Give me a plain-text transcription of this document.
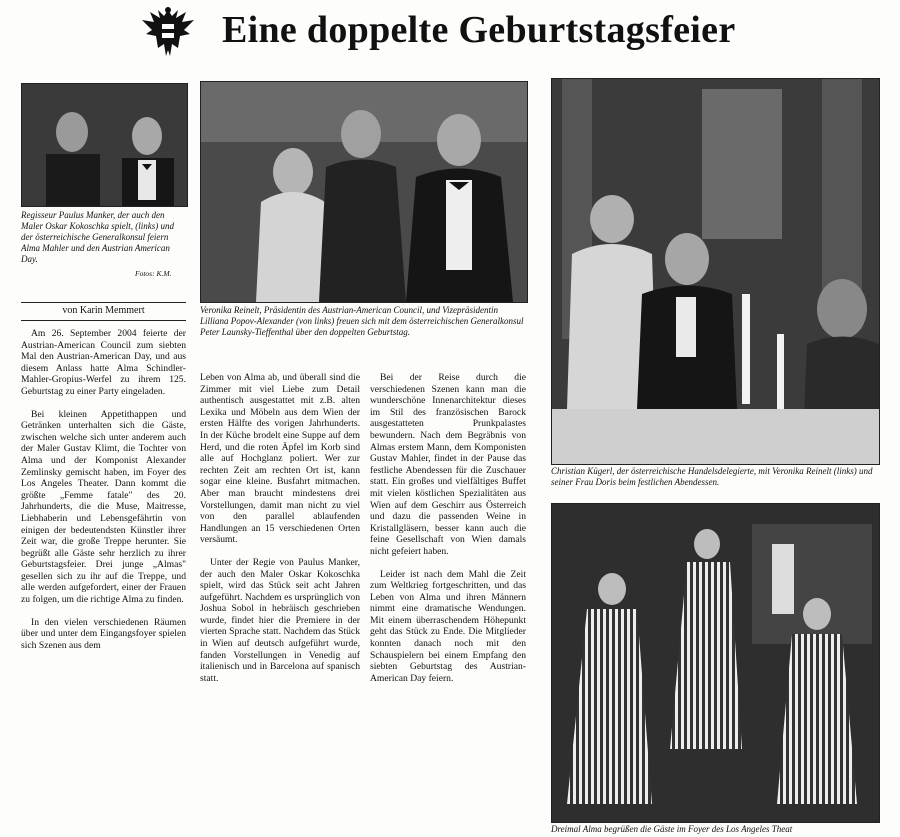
Eine doppelte Geburtstagsfeier
Regisseur Paulus Manker, der auch den Maler Oskar Kokoschka spielt, (links) und der österreichische Generalkonsul feiern Alma Mahler und den Austrian American Day.
Fotos: K.M.
Veronika Reinelt, Präsidentin des Austrian-American Council, und Vizepräsidentin Lilliana Popov-Alexander (von links) freuen sich mit dem österreichischen Generalkonsul Peter Launsky-Tieffenthal über den doppelten Geburtstag.
Christian Kügerl, der österreichische Handelsdelegierte, mit Veronika Reinelt (links) und seiner Frau Doris beim festlichen Abendessen.
Dreimal Alma begrüßen die Gäste im Foyer des Los Angeles Theat
von Karin Memmert

Am 26. September 2004 feierte der Austrian-American Council zum siebten Mal den Austrian-American Day, und aus diesem Anlass hatte Alma Schindler-Mahler-Gropius-Werfel zu ihrem 125. Geburtstag zu einer Party eingeladen.

Bei kleinen Appetithappen und Getränken unterhalten sich die Gäste, zwischen welche sich unter anderem auch der Maler Gustav Klimt, die Tochter von Alma und der Komponist Alexander Zemlinsky gemischt haben, im Foyer des Los Angeles Theater. Dann kommt die größte „Femme fatale" des 20. Jahrhunderts, die die Muse, Maitresse, Liebhaberin und Lebensgefährtin von einigen der bedeutendsten Künstler ihrer Zeit war, die große Treppe herunter. Sie begrüßt alle Gäste sehr herzlich zu ihrer Geburtstagsfeier. Drei junge „Almas" gesellen sich zu ihr auf die Treppe, und alle werden aufgefordert, einer der Frauen zu folgen, um die richtige Alma zu finden.

In den vielen verschiedenen Räumen über und unter dem Eingangsfoyer spielen sich Szenen aus dem

Leben von Alma ab, und überall sind die Zimmer mit viel Liebe zum Detail authentisch ausgestattet mit z.B. alten Lexika und Möbeln aus dem Wien der ersten Hälfte des vorigen Jahrhunderts. In der Küche brodelt eine Suppe auf dem Herd, und die roten Äpfel im Korb sind alle auf Hochglanz poliert. Wer zur rechten Zeit am rechten Ort ist, kann sogar eine kleine. Busfahrt mitmachen. Aber man braucht mindestens drei Vorstellungen, damit man nicht zu viel von den parallel ablaufenden Handlungen an 15 verschiedenen Orten versäumt.

Unter der Regie von Paulus Manker, der auch den Maler Oskar Kokoschka spielt, wird das Stück seit acht Jahren aufgeführt. Nachdem es ursprünglich von Joshua Sobol in hebräisch geschrieben wurde, findet hier die Premiere in der vierten Sprache statt. Nachdem das Stück in Wien auf deutsch aufgeführt wurde, fanden Vorstellungen in Venedig auf italienisch und in Barcelona auf spanisch statt.

Bei der Reise durch die verschiedenen Szenen kann man die wunderschöne Innenarchitektur dieses im Stil des französischen Barock ausgestatteten Prunkpalastes bewundern. Nach dem Begräbnis von Almas erstem Mann, dem Komponisten Gustav Mahler, findet in der Pause das festliche Abendessen für die Zuschauer statt. Ein großes und vielfältiges Buffet mit vielen köstlichen Spezialitäten aus Wien auf dem Geschirr aus Österreich und dazu die passenden Weine in Kristallgläsern, besser kann auch die feine Gesellschaft von Wien damals nicht gefeiert haben.

Leider ist nach dem Mahl die Zeit zum Weltkrieg fortgeschritten, und das Leben von Alma und ihren Männern nimmt eine dramatische Wendungen. Mit einem überraschendem Höhepunkt geht das Stück zu Ende. Die Mitglieder konnten danach noch mit den Schauspielern bei einem Empfang den siebten Geburtstag des Austrian-American Day feiern.
